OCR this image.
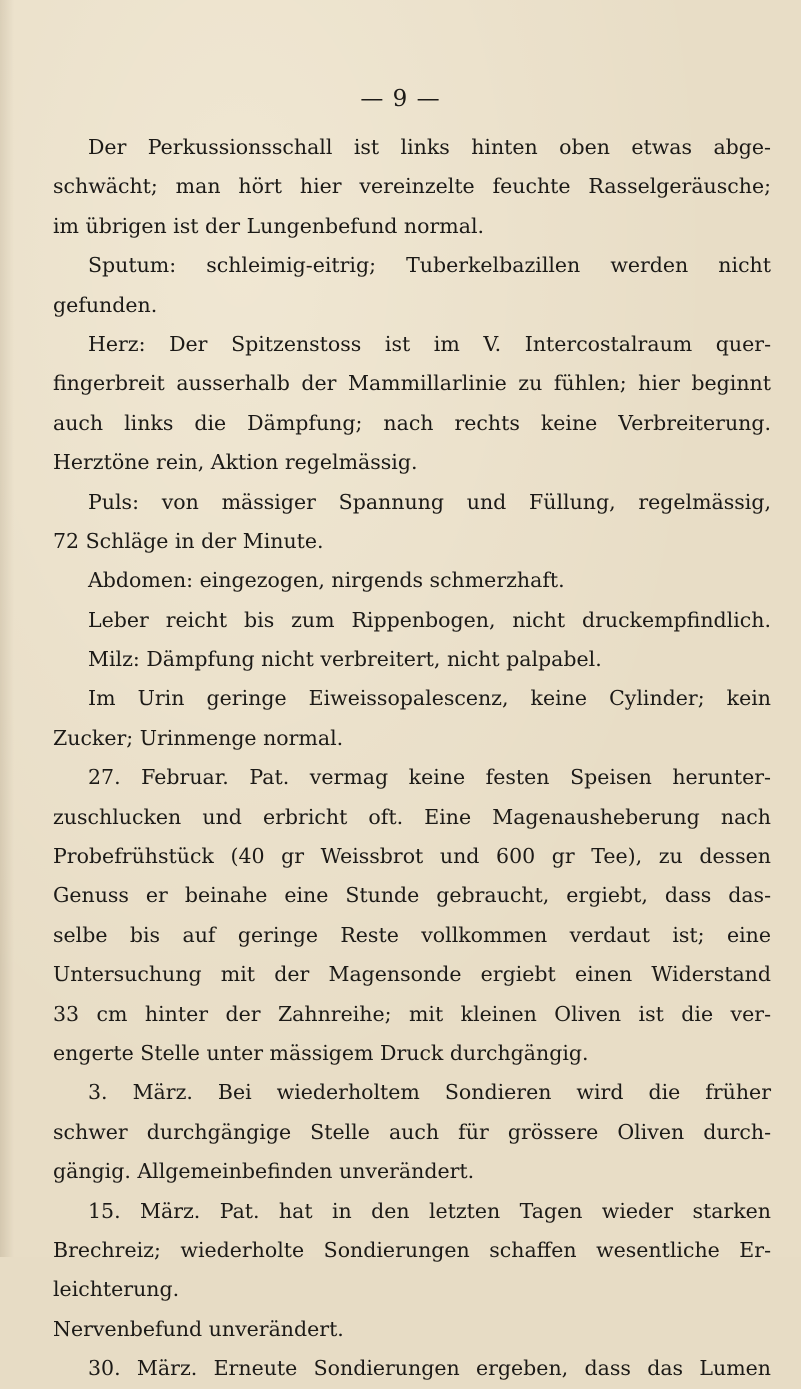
— 9 —
Der Perkussionsschall ist links hinten oben etwas abge-
schwächt; man hört hier vereinzelte feuchte Rasselgeräusche;
im übrigen ist der Lungenbefund normal.
Sputum: schleimig-eitrig; Tuberkelbazillen werden nicht
gefunden.
Herz: Der Spitzenstoss ist im V. Intercostalraum quer-
fingerbreit ausserhalb der Mammillarlinie zu fühlen; hier beginnt
auch links die Dämpfung; nach rechts keine Verbreiterung.
Herztöne rein, Aktion regelmässig.
Puls: von mässiger Spannung und Füllung, regelmässig,
72 Schläge in der Minute.
Abdomen: eingezogen, nirgends schmerzhaft.
Leber reicht bis zum Rippenbogen, nicht druckempfindlich.
Milz: Dämpfung nicht verbreitert, nicht palpabel.
Im Urin geringe Eiweissopalescenz, keine Cylinder; kein
Zucker; Urinmenge normal.
27. Februar. Pat. vermag keine festen Speisen herunter-
zuschlucken und erbricht oft. Eine Magenausheberung nach
Probefrühstück (40 gr Weissbrot und 600 gr Tee), zu dessen
Genuss er beinahe eine Stunde gebraucht, ergiebt, dass das-
selbe bis auf geringe Reste vollkommen verdaut ist; eine
Untersuchung mit der Magensonde ergiebt einen Widerstand
33 cm hinter der Zahnreihe; mit kleinen Oliven ist die ver-
engerte Stelle unter mässigem Druck durchgängig.
3. März. Bei wiederholtem Sondieren wird die früher
schwer durchgängige Stelle auch für grössere Oliven durch-
gängig. Allgemeinbefinden unverändert.
15. März. Pat. hat in den letzten Tagen wieder starken
Brechreiz; wiederholte Sondierungen schaffen wesentliche Er-
leichterung.
Nervenbefund unverändert.
30. März. Erneute Sondierungen ergeben, dass das Lumen
